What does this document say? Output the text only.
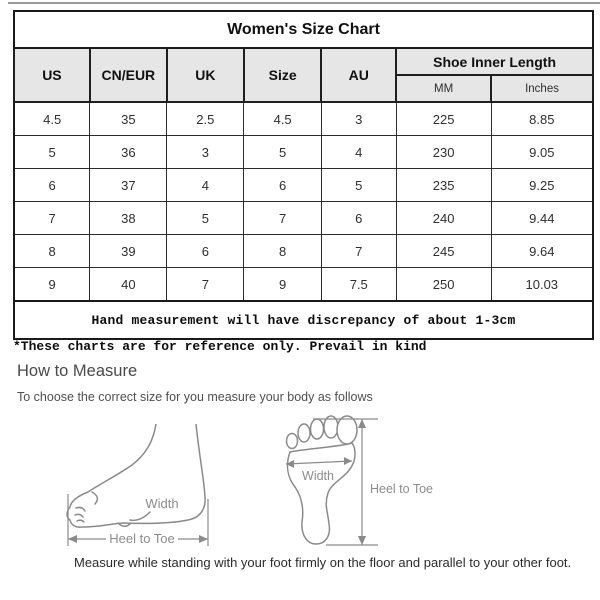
Women's Size Chart						
US	CN/EUR	UK	Size	AU	Shoe Inner Length	
					MM	Inches
4.5	35	2.5	4.5	3	225	8.85
5	36	3	5	4	230	9.05
6	37	4	6	5	235	9.25
7	38	5	7	6	240	9.44
8	39	6	8	7	245	9.64
9	40	7	9	7.5	250	10.03
Hand measurement will have discrepancy of about 1-3cm						
*These charts are for reference only. Prevail in kind
How to Measure
To choose the correct size for you measure your body as follows
Heel to Toe
Width
Width
Heel to Toe
Measure while standing with your foot firmly on the floor and parallel to your other foot.
